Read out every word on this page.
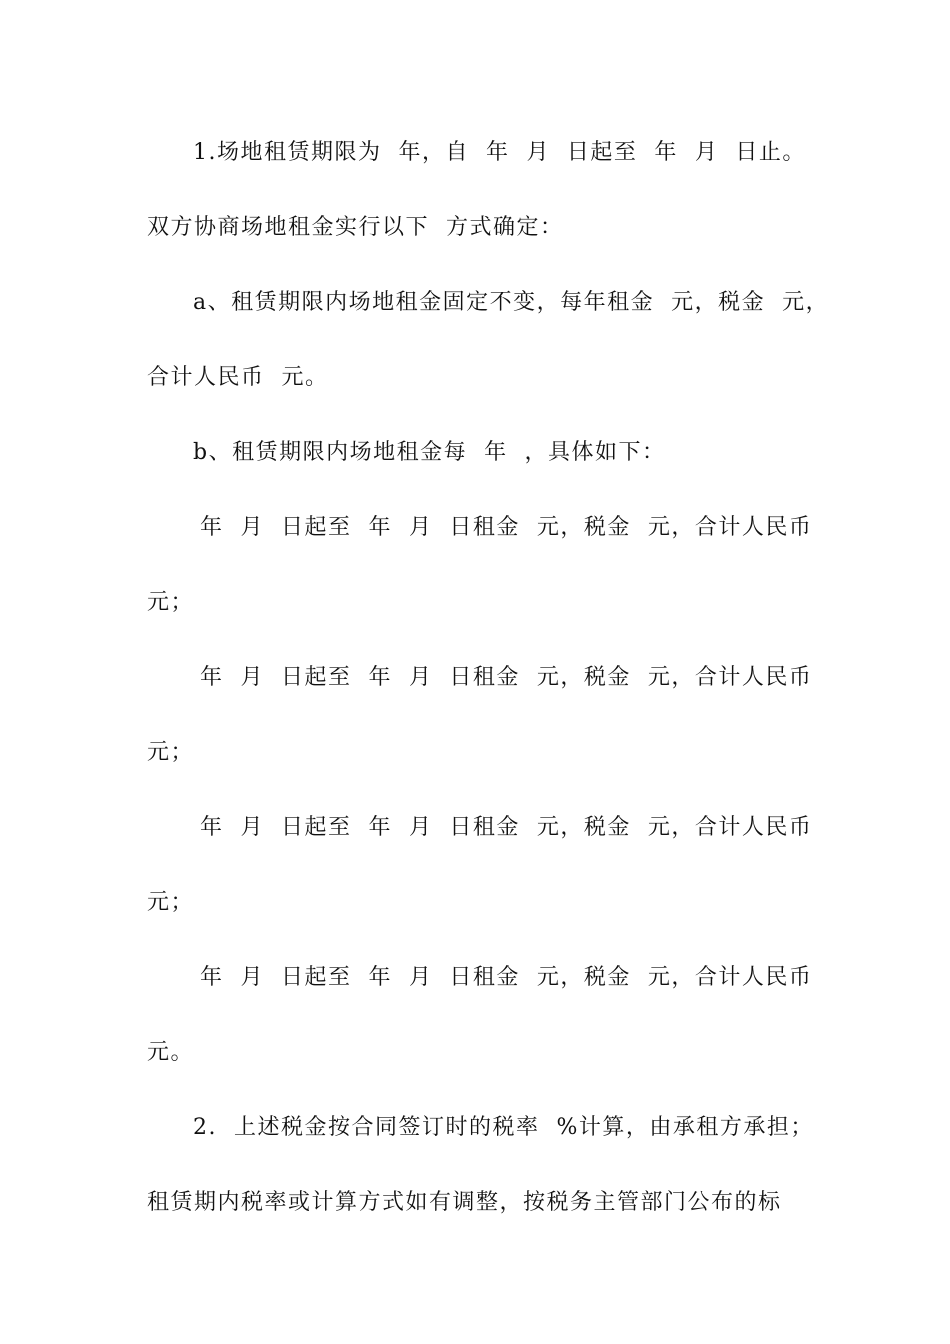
1.场地租赁期限为  年，自  年  月  日起至  年  月  日止。
双方协商场地租金实行以下  方式确定：
a、租赁期限内场地租金固定不变，每年租金  元，税金  元，
合计人民币  元。
b、租赁期限内场地租金每  年  ，具体如下：
年  月  日起至  年  月  日租金  元，税金  元，合计人民币
元；
年  月  日起至  年  月  日租金  元，税金  元，合计人民币
元；
年  月  日起至  年  月  日租金  元，税金  元，合计人民币
元；
年  月  日起至  年  月  日租金  元，税金  元，合计人民币
元。
2.  上述税金按合同签订时的税率  %计算，由承租方承担；
租赁期内税率或计算方式如有调整，按税务主管部门公布的标
